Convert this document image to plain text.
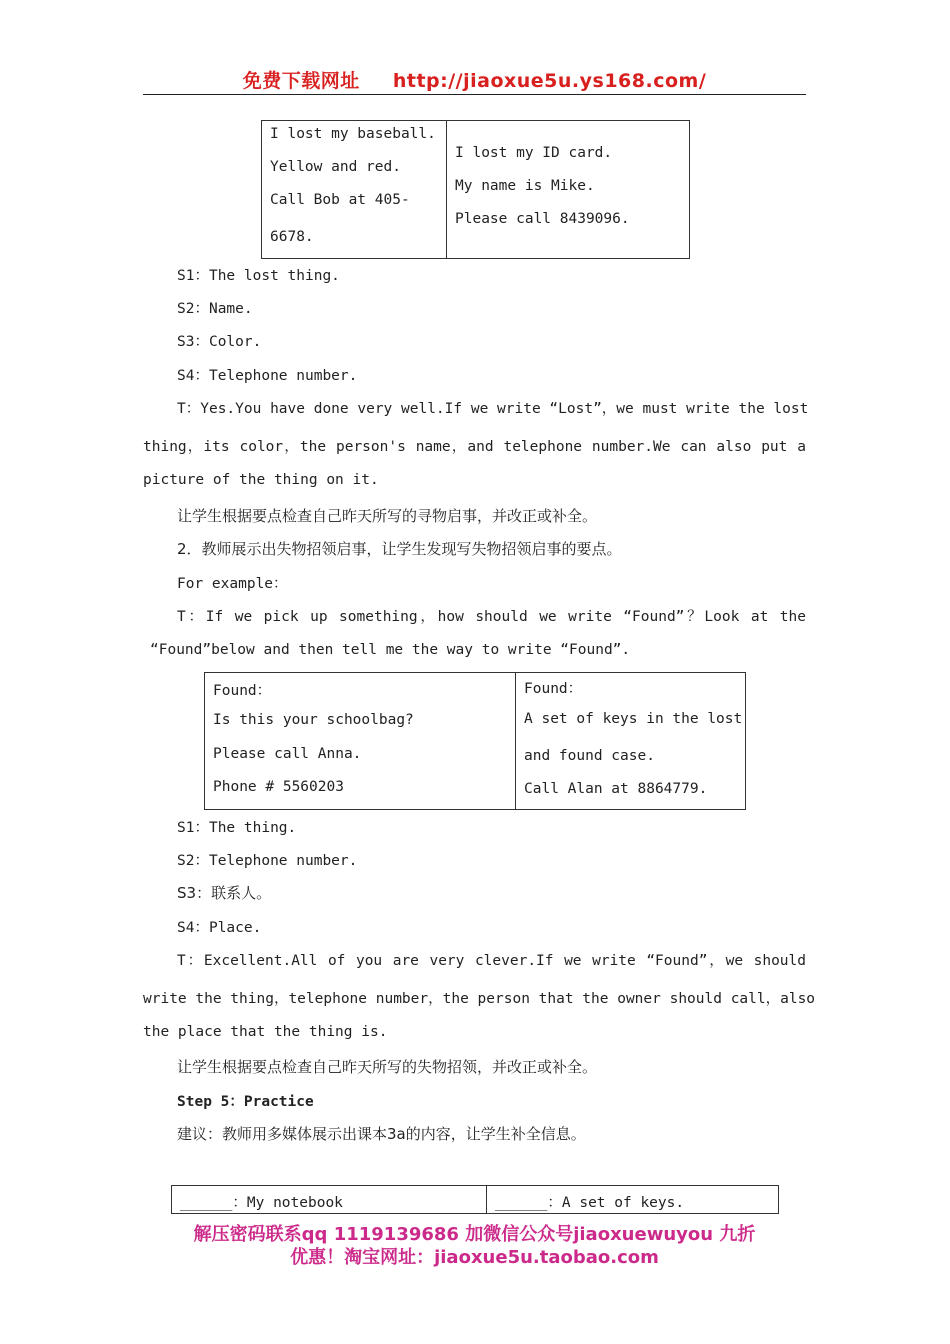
免费下载网址 http://jiaoxue5u.ys168.com/
I lost my baseball.
Yellow and red.
Call Bob at 405-
6678.

I lost my ID card.
My name is Mike.
Please call 8439096.
S1：The lost thing.
S2：Name.
S3：Color.
S4：Telephone number.
T：Yes.You have done very well.If we write “Lost”，we must write the lost
thing，its color，the person's name，and telephone number.We can also put a
picture of the thing on it.
让学生根据要点检查自己昨天所写的寻物启事，并改正或补全。
2．教师展示出失物招领启事，让学生发现写失物招领启事的要点。
For example：
T：If we pick up something，how should we write “Found”？Look at the
“Found”below and then tell me the way to write “Found”.
Found：
Is this your schoolbag?
Please call Anna.
Phone # 5560203

Found：
A set of keys in the lost
and found case.
Call Alan at 8864779.
S1：The thing.
S2：Telephone number.
S3：联系人。
S4：Place.
T：Excellent.All of you are very clever.If we write “Found”，we should
write the thing，telephone number，the person that the owner should call，also
the place that the thing is.
让学生根据要点检查自己昨天所写的失物招领，并改正或补全。
Step 5：Practice
建议：教师用多媒体展示出课本3a的内容，让学生补全信息。
______：My notebook	______：A set of keys.
解压密码联系qq 1119139686 加微信公众号jiaoxuewuyou 九折
优惠！淘宝网址：jiaoxue5u.taobao.com
